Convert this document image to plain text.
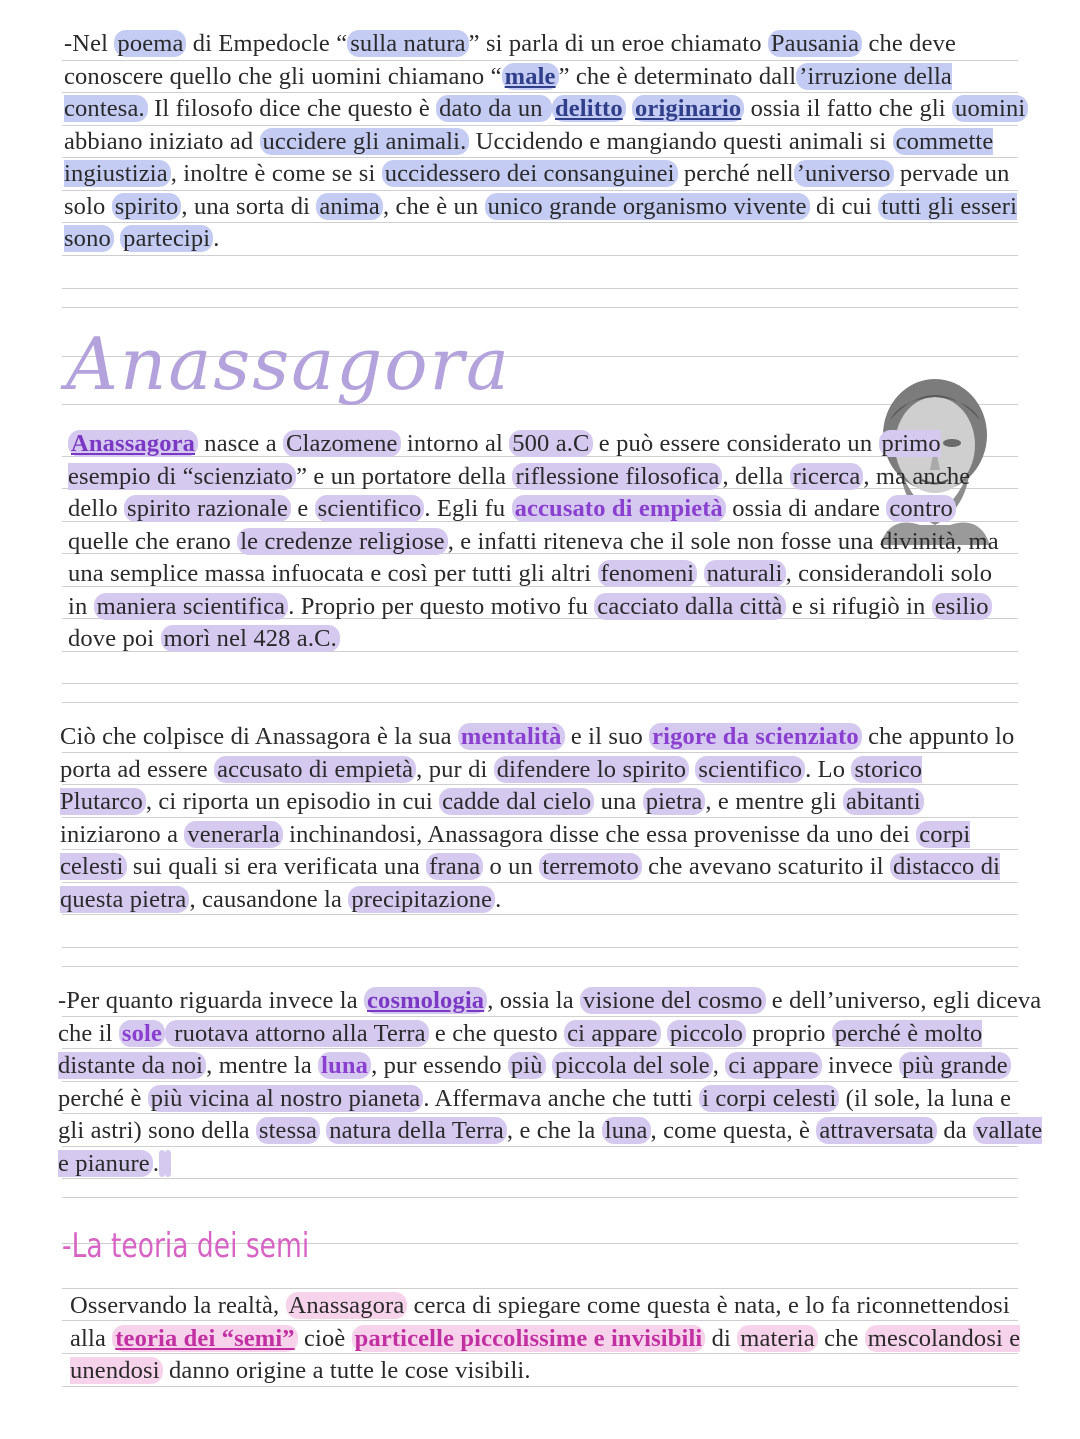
-Nel poema di Empedocle “ sulla natura ” si parla di un eroe chiamato Pausania che deve conoscere quello che gli uomini chiamano “ male ” che è determinato dall ’irruzione della contesa. Il filosofo dice che questo è dato da un delitto originario ossia il fatto che gli uomini abbiano iniziato ad uccidere gli animali. Uccidendo e mangiando questi animali si commette ingiustizia , inoltre è come se si uccidessero dei consanguinei perché nell ’universo pervade un solo spirito , una sorta di anima , che è un unico grande organismo vivente di cui tutti gli esseri sono partecipi .
Anassagora
Anassagora nasce a Clazomene intorno al 500 a.C e può essere considerato un primo esempio di “scienziato ” e un portatore della riflessione filosofica , della ricerca , ma anche dello spirito razionale e scientifico . Egli fu accusato di empietà ossia di andare contro quelle che erano le credenze religiose , e infatti riteneva che il sole non fosse una divinità, ma una semplice massa infuocata e così per tutti gli altri fenomeni naturali , considerandoli solo in maniera scientifica . Proprio per questo motivo fu cacciato dalla città e si rifugiò in esilio dove poi morì nel 428 a.C.
Ciò che colpisce di Anassagora è la sua mentalità e il suo rigore da scienziato che appunto lo porta ad essere accusato di empietà , pur di difendere lo spirito scientifico . Lo storico Plutarco , ci riporta un episodio in cui cadde dal cielo una pietra , e mentre gli abitanti iniziarono a venerarla inchinandosi, Anassagora disse che essa provenisse da uno dei corpi celesti sui quali si era verificata una frana o un terremoto che avevano scaturito il distacco di questa pietra , causandone la precipitazione .
-Per quanto riguarda invece la cosmologia , ossia la visione del cosmo e dell’universo, egli diceva che il sole ruotava attorno alla Terra e che questo ci appare piccolo proprio perché è molto distante da noi , mentre la luna , pur essendo più piccola del sole , ci appare invece più grande perché è più vicina al nostro pianeta . Affermava anche che tutti i corpi celesti (il sole, la luna e gli astri) sono della stessa natura della Terra , e che la luna , come questa, è attraversata da vallate e pianure .
-La teoria dei semi
Osservando la realtà, Anassagora cerca di spiegare come questa è nata, e lo fa riconnettendosi alla teoria dei “semi” cioè particelle piccolissime e invisibili di materia che mescolandosi e unendosi danno origine a tutte le cose visibili.
